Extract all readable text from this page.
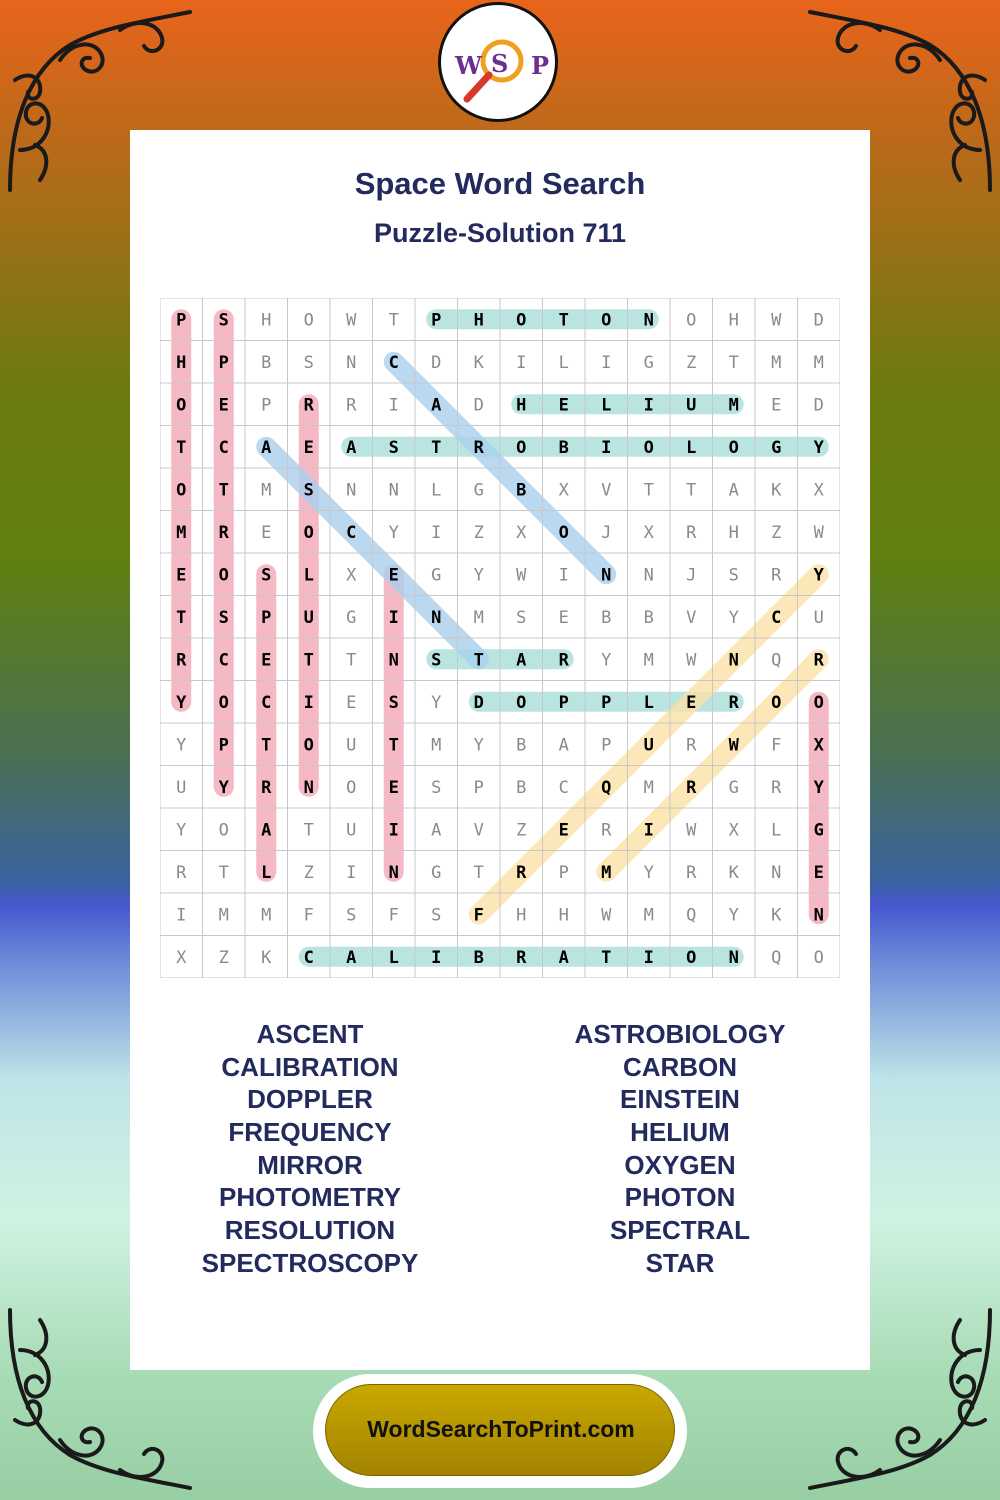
W S P
Space Word Search
Puzzle-Solution 711
P S H O W T P H O T O N O H W D
H P B S N C D K I L I G Z T M M
O E P R R I A D H E L I U M E D
T C A E A S T R O B I O L O G Y
O T M S N N L G B X V T T A K X
M R E O C Y I Z X O J X R H Z W
E O S L X E G Y W I N N J S R Y
T S P U G I N M S E B B V Y C U
R C E T T N S T A R Y M W N Q R
Y O C I E S Y D O P P L E R O O
Y P T O U T M Y B A P U R W F X
U Y R N O E S P B C Q M R G R Y
Y O A T U I A V Z E R I W X L G
R T L Z I N G T R P M Y R K N E
I M M F S F S F H H W M Q Y K N
X Z K C A L I B R A T I O N Q O
ASCENT
CALIBRATION
DOPPLER
FREQUENCY
MIRROR
PHOTOMETRY
RESOLUTION
SPECTROSCOPY
ASTROBIOLOGY
CARBON
EINSTEIN
HELIUM
OXYGEN
PHOTON
SPECTRAL
STAR
WordSearchToPrint.com
